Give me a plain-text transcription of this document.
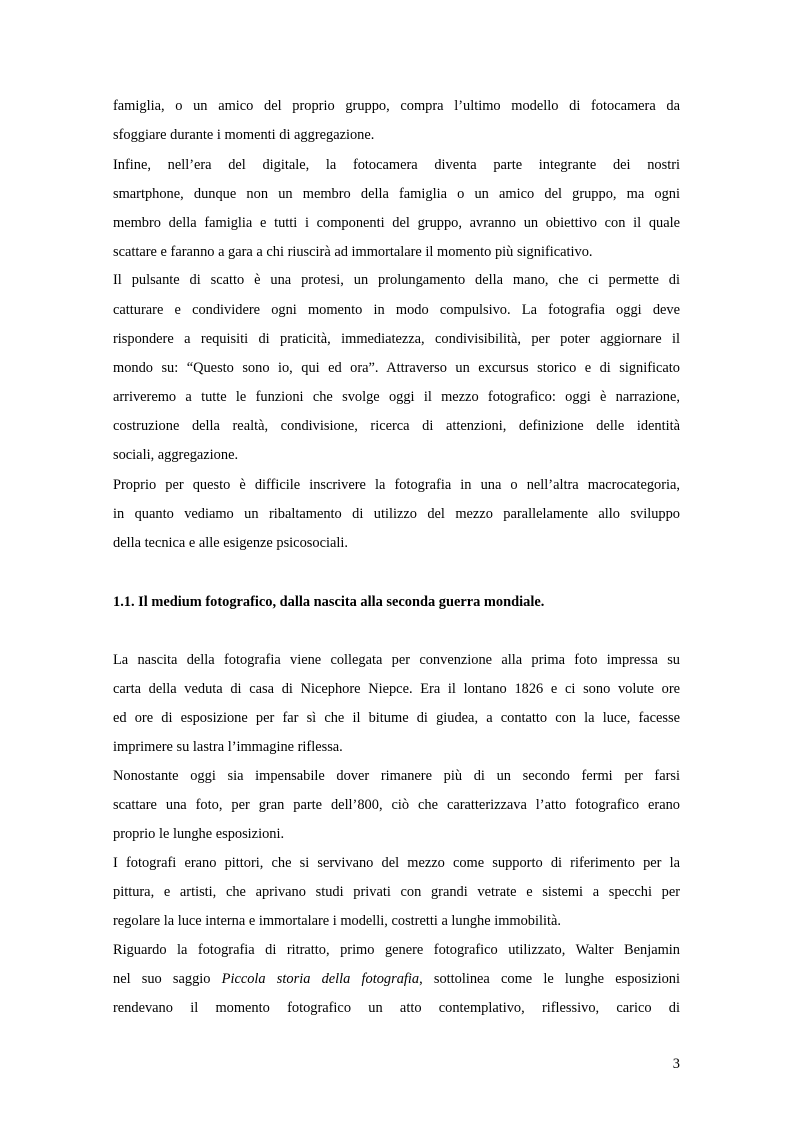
famiglia, o un amico del proprio gruppo, compra l’ultimo modello di fotocamera da
sfoggiare durante i momenti di aggregazione.
Infine, nell’era del digitale, la fotocamera diventa parte integrante dei nostri
smartphone, dunque non un membro della famiglia o un amico del gruppo, ma ogni
membro della famiglia e tutti i componenti del gruppo, avranno un obiettivo con il quale
scattare e faranno a gara a chi riuscirà ad immortalare il momento più significativo.
Il pulsante di scatto è una protesi, un prolungamento della mano, che ci permette di
catturare e condividere ogni momento in modo compulsivo. La fotografia oggi deve
rispondere a requisiti di praticità, immediatezza, condivisibilità, per poter aggiornare il
mondo su: “Questo sono io, qui ed ora”. Attraverso un excursus storico e di significato
arriveremo a tutte le funzioni che svolge oggi il mezzo fotografico: oggi è narrazione,
costruzione della realtà, condivisione, ricerca di attenzioni, definizione delle identità
sociali, aggregazione.
Proprio per questo è difficile inscrivere la fotografia in una o nell’altra macrocategoria,
in quanto vediamo un ribaltamento di utilizzo del mezzo parallelamente allo sviluppo
della tecnica e alle esigenze psicosociali.
1.1. Il medium fotografico, dalla nascita alla seconda guerra mondiale.
La nascita della fotografia viene collegata per convenzione alla prima foto impressa su
carta della veduta di casa di Nicephore Niepce. Era il lontano 1826 e ci sono volute ore
ed ore di esposizione per far sì che il bitume di giudea, a contatto con la luce, facesse
imprimere su lastra l’immagine riflessa.
Nonostante oggi sia impensabile dover rimanere più di un secondo fermi per farsi
scattare una foto, per gran parte dell’800, ciò che caratterizzava l’atto fotografico erano
proprio le lunghe esposizioni.
I fotografi erano pittori, che si servivano del mezzo come supporto di riferimento per la
pittura, e artisti, che aprivano studi privati con grandi vetrate e sistemi a specchi per
regolare la luce interna e immortalare i modelli, costretti a lunghe immobilità.
Riguardo la fotografia di ritratto, primo genere fotografico utilizzato, Walter Benjamin
nel suo saggio Piccola storia della fotografia, sottolinea come le lunghe esposizioni
rendevano il momento fotografico un atto contemplativo, riflessivo, carico di
3
